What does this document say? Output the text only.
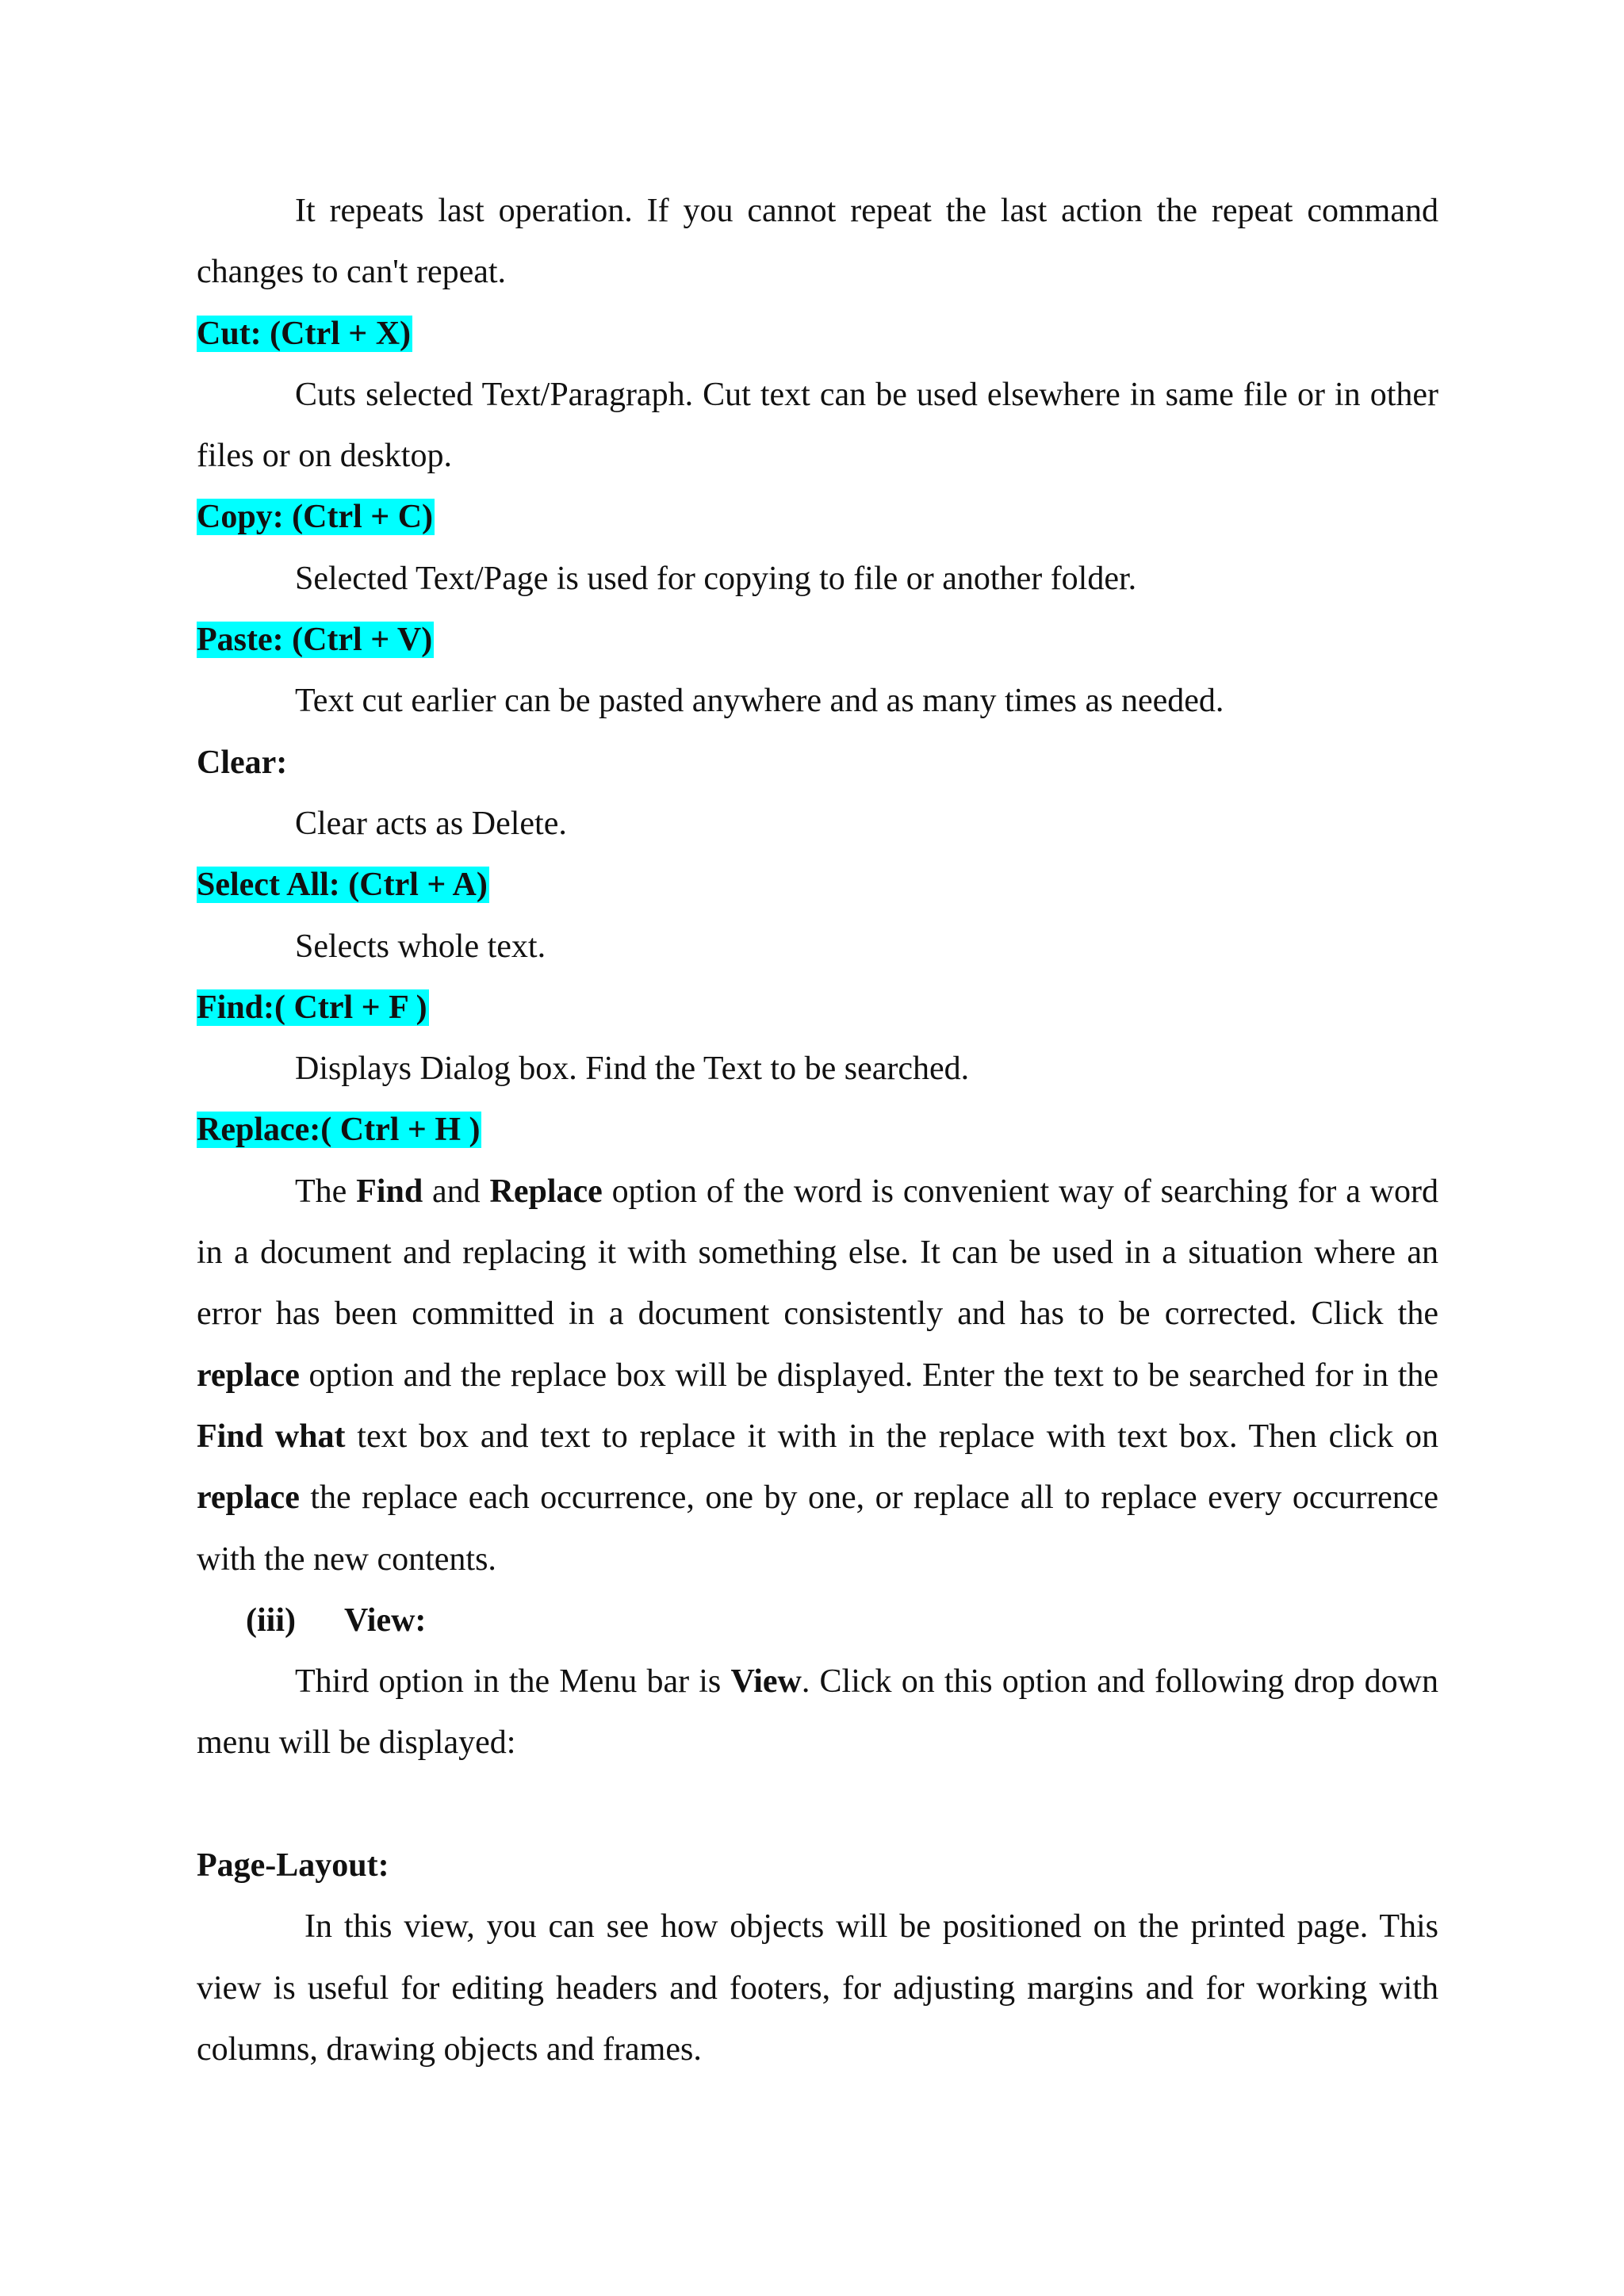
It repeats last operation. If you cannot repeat the last action the repeat command changes to can't repeat.

Cut: (Ctrl + X)

Cuts selected Text/Paragraph. Cut text can be used elsewhere in same file or in other files or on desktop.

Copy: (Ctrl + C)

Selected Text/Page is used for copying to file or another folder.

Paste: (Ctrl + V)

Text cut earlier can be pasted anywhere and as many times as needed.

Clear:

Clear acts as Delete.

Select All: (Ctrl + A)

Selects whole text.

Find:( Ctrl + F )

Displays Dialog box. Find the Text to be searched.

Replace:( Ctrl + H )

The Find and Replace option of the word is convenient way of searching for a word in a document and replacing it with something else. It can be used in a situation where an error has been committed in a document consistently and has to be corrected. Click the replace option and the replace box will be displayed. Enter the text to be searched for in the Find what text box and text to replace it with in the replace with text box. Then click on replace the replace each occurrence, one by one, or replace all to replace every occurrence with the new contents.

(iii) View:

Third option in the Menu bar is View. Click on this option and following drop down menu will be displayed:

Page-Layout:

In this view, you can see how objects will be positioned on the printed page. This view is useful for editing headers and footers, for adjusting margins and for working with columns, drawing objects and frames.
